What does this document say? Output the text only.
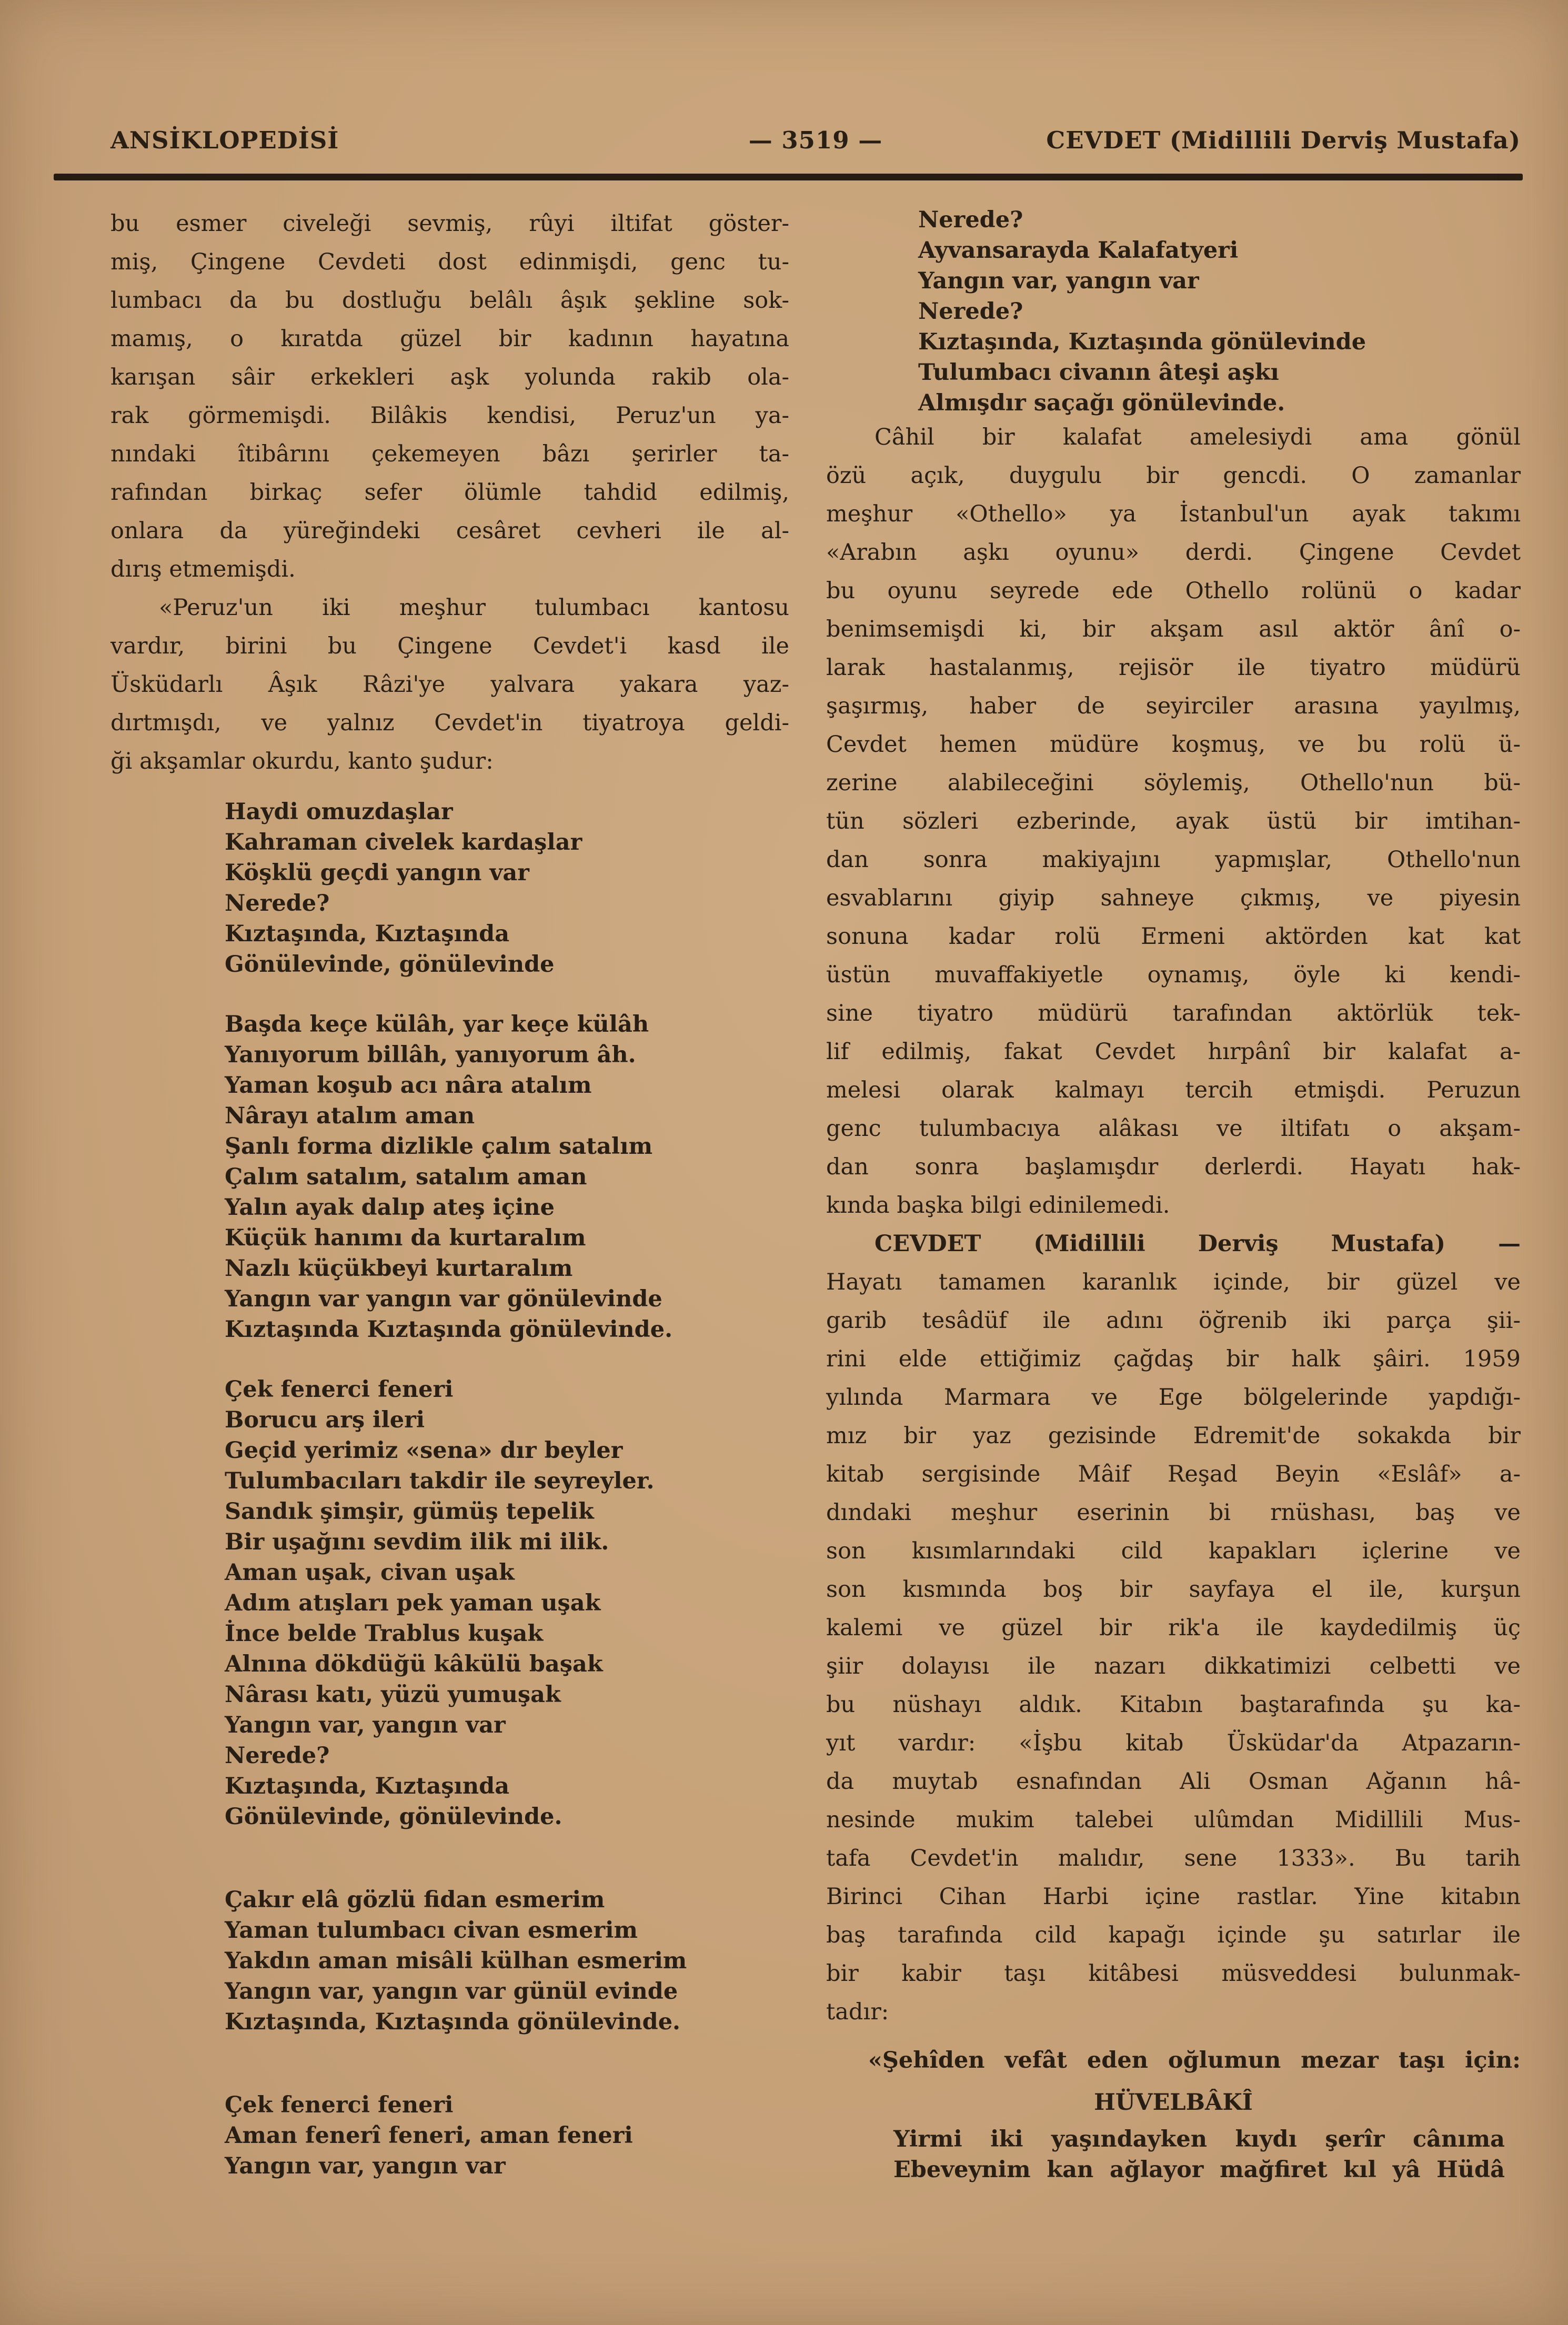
ANSİKLOPEDİSİ	— 3519 —	CEVDET (Midillili Derviş Mustafa)
bu esmer civeleği sevmiş, rûyi iltifat göster-
miş, Çingene Cevdeti dost edinmişdi, genc tu-
lumbacı da bu dostluğu belâlı âşık şekline sok-
mamış, o kıratda güzel bir kadının hayatına
karışan sâir erkekleri aşk yolunda rakib ola-
rak görmemişdi. Bilâkis kendisi, Peruz'un ya-
nındaki îtibârını çekemeyen bâzı şerirler ta-
rafından birkaç sefer ölümle tahdid edilmiş,
onlara da yüreğindeki cesâret cevheri ile al-
dırış etmemişdi.
«Peruz'un iki meşhur tulumbacı kantosu
vardır, birini bu Çingene Cevdet'i kasd ile
Üsküdarlı Âşık Râzi'ye yalvara yakara yaz-
dırtmışdı, ve yalnız Cevdet'in tiyatroya geldi-
ği akşamlar okurdu, kanto şudur:
Haydi omuzdaşlar
Kahraman civelek kardaşlar
Köşklü geçdi yangın var
Nerede?
Kıztaşında, Kıztaşında
Gönülevinde, gönülevinde
Başda keçe külâh, yar keçe külâh
Yanıyorum billâh, yanıyorum âh.
Yaman koşub acı nâra atalım
Nârayı atalım aman
Şanlı forma dizlikle çalım satalım
Çalım satalım, satalım aman
Yalın ayak dalıp ateş içine
Küçük hanımı da kurtaralım
Nazlı küçükbeyi kurtaralım
Yangın var yangın var gönülevinde
Kıztaşında Kıztaşında gönülevinde.
Çek fenerci feneri
Borucu arş ileri
Geçid yerimiz «sena» dır beyler
Tulumbacıları takdir ile seyreyler.
Sandık şimşir, gümüş tepelik
Bir uşağını sevdim ilik mi ilik.
Aman uşak, civan uşak
Adım atışları pek yaman uşak
İnce belde Trablus kuşak
Alnına dökdüğü kâkülü başak
Nârası katı, yüzü yumuşak
Yangın var, yangın var
Nerede?
Kıztaşında, Kıztaşında
Gönülevinde, gönülevinde.
Çakır elâ gözlü fidan esmerim
Yaman tulumbacı civan esmerim
Yakdın aman misâli külhan esmerim
Yangın var, yangın var günül evinde
Kıztaşında, Kıztaşında gönülevinde.
Çek fenerci feneri
Aman fenerî feneri, aman feneri
Yangın var, yangın var
Nerede?
Ayvansarayda Kalafatyeri
Yangın var, yangın var
Nerede?
Kıztaşında, Kıztaşında gönülevinde
Tulumbacı civanın âteşi aşkı
Almışdır saçağı gönülevinde.
Câhil bir kalafat amelesiydi ama gönül
özü açık, duygulu bir gencdi. O zamanlar
meşhur «Othello» ya İstanbul'un ayak takımı
«Arabın aşkı oyunu» derdi. Çingene Cevdet
bu oyunu seyrede ede Othello rolünü o kadar
benimsemişdi ki, bir akşam asıl aktör ânî o-
larak hastalanmış, rejisör ile tiyatro müdürü
şaşırmış, haber de seyirciler arasına yayılmış,
Cevdet hemen müdüre koşmuş, ve bu rolü ü-
zerine alabileceğini söylemiş, Othello'nun bü-
tün sözleri ezberinde, ayak üstü bir imtihan-
dan sonra makiyajını yapmışlar, Othello'nun
esvablarını giyip sahneye çıkmış, ve piyesin
sonuna kadar rolü Ermeni aktörden kat kat
üstün muvaffakiyetle oynamış, öyle ki kendi-
sine tiyatro müdürü tarafından aktörlük tek-
lif edilmiş, fakat Cevdet hırpânî bir kalafat a-
melesi olarak kalmayı tercih etmişdi. Peruzun
genc tulumbacıya alâkası ve iltifatı o akşam-
dan sonra başlamışdır derlerdi. Hayatı hak-
kında başka bilgi edinilemedi.
CEVDET (Midillili Derviş Mustafa) —
Hayatı tamamen karanlık içinde, bir güzel ve
garib tesâdüf ile adını öğrenib iki parça şii-
rini elde ettiğimiz çağdaş bir halk şâiri. 1959
yılında Marmara ve Ege bölgelerinde yapdığı-
mız bir yaz gezisinde Edremit'de sokakda bir
kitab sergisinde Mâif Reşad Beyin «Eslâf» a-
dındaki meşhur eserinin bi rnüshası, baş ve
son kısımlarındaki cild kapakları içlerine ve
son kısmında boş bir sayfaya el ile, kurşun
kalemi ve güzel bir rik'a ile kaydedilmiş üç
şiir dolayısı ile nazarı dikkatimizi celbetti ve
bu nüshayı aldık. Kitabın baştarafında şu ka-
yıt vardır: «İşbu kitab Üsküdar'da Atpazarın-
da muytab esnafından Ali Osman Ağanın hâ-
nesinde mukim talebei ulûmdan Midillili Mus-
tafa Cevdet'in malıdır, sene 1333». Bu tarih
Birinci Cihan Harbi içine rastlar. Yine kitabın
baş tarafında cild kapağı içinde şu satırlar ile
bir kabir taşı kitâbesi müsveddesi bulunmak-
tadır:
«Şehîden vefât eden oğlumun mezar taşı için:
HÜVELBÂKÎ
Yirmi iki yaşındayken kıydı şerîr cânıma
Ebeveynim kan ağlayor mağfiret kıl yâ Hüdâ
